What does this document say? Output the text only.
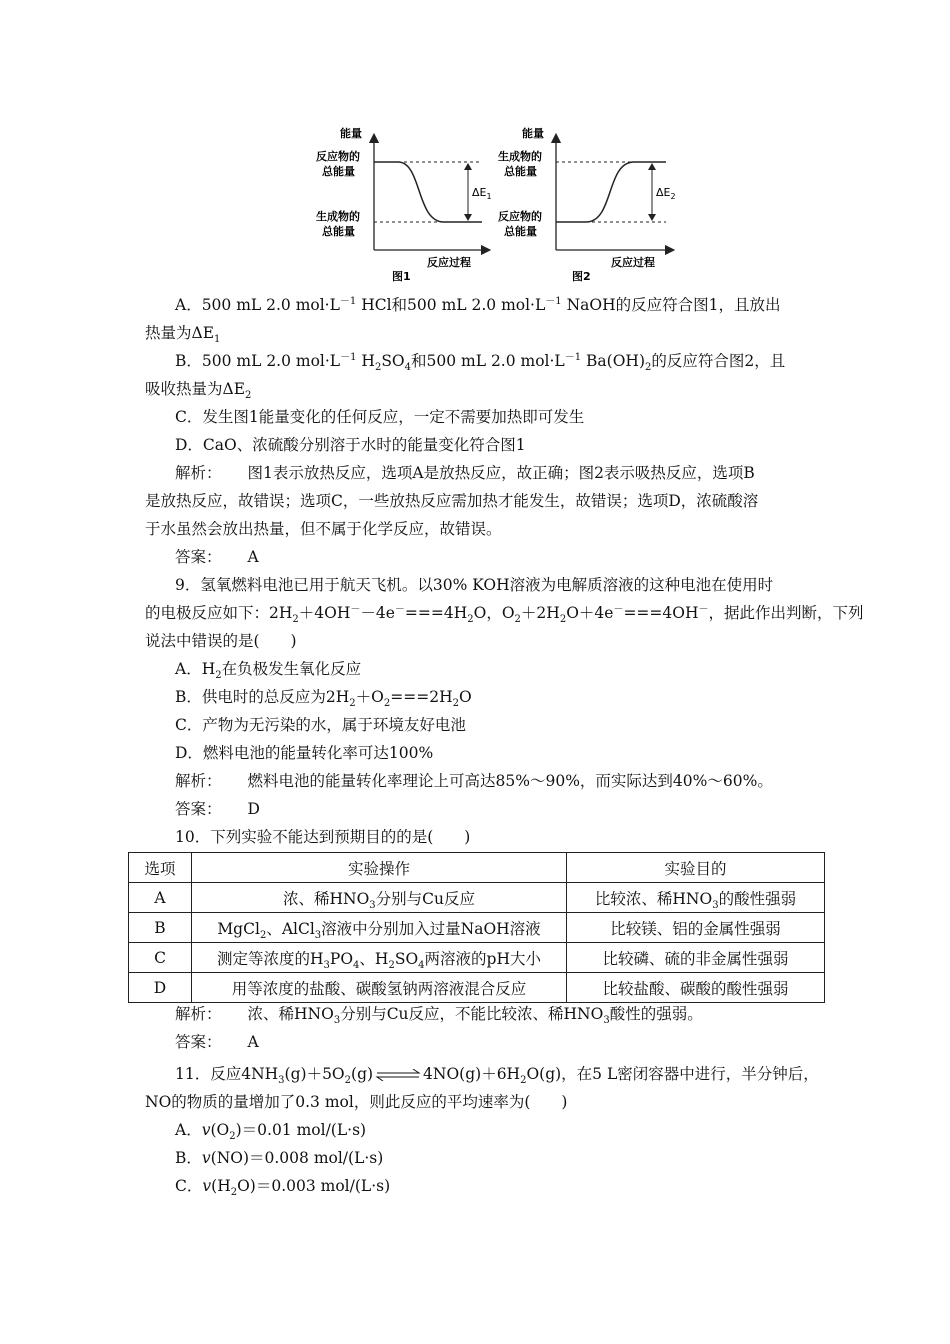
能量
反应物的
总能量
生成物的
总能量
$\Delta E_1$
反应过程
图1
能量
生成物的
总能量
反应物的
总能量
$\Delta E_2$
反应过程
图2
A．500 mL 2.0 $mol\cdot L^{-1}$ HCl和500 mL 2.0 $mol\cdot L^{-1}$ NaOH的反应符合图1，且放出
热量为$\Delta E_1$
B．500 mL 2.0 $mol\cdot L^{-1}$ $H_2SO_4$和500 mL 2.0 $mol\cdot L^{-1}$ $Ba(OH)_2$的反应符合图2，且
吸收热量为$\Delta E_2$
C．发生图1能量变化的任何反应，一定不需要加热即可发生
D．CaO、浓硫酸分别溶于水时的能量变化符合图1
解析： 图1表示放热反应，选项A是放热反应，故正确；图2表示吸热反应，选项B
是放热反应，故错误；选项C，一些放热反应需加热才能发生，故错误；选项D，浓硫酸溶
于水虽然会放出热量，但不属于化学反应，故错误。
答案： A
9．氢氧燃料电池已用于航天飞机。以30% KOH溶液为电解质溶液的这种电池在使用时
的电极反应如下：$2H_2+4OH^--4e^-===4H_2O$，$O_2+2H_2O+4e^-===4OH^-$，据此作出判断，下列
说法中错误的是(　　)
A．$H_2$在负极发生氧化反应
B．供电时的总反应为$2H_2+O_2===2H_2O$
C．产物为无污染的水，属于环境友好电池
D．燃料电池的能量转化率可达100%
解析： 燃料电池的能量转化率理论上可高达85%～90%，而实际达到40%～60%。
答案： D
10．下列实验不能达到预期目的的是(　　)
选项	实验操作	实验目的
A	浓、稀$HNO_3$分别与Cu反应	比较浓、稀$HNO_3$的酸性强弱
B	MgCl$_2$、AlCl$_3$溶液中分别加入过量NaOH溶液	比较镁、铝的金属性强弱
C	测定等浓度的$H_3PO_4$、$H_2SO_4$两溶液的pH大小	比较磷、硫的非金属性强弱
D	用等浓度的盐酸、碳酸氢钠两溶液混合反应	比较盐酸、碳酸的酸性强弱
解析： 浓、稀$HNO_3$分别与Cu反应，不能比较浓、稀$HNO_3$酸性的强弱。
答案： A
11．反应$4NH_3(g)+5O_2(g)$ ⇌ $4NO(g)+6H_2O(g)$，在5 L密闭容器中进行，半分钟后，
NO的物质的量增加了0.3 mol，则此反应的平均速率为(　　)
A．$v(O_2)=0.01$ mol/(L·s)
B．v(NO)＝0.008 mol/(L·s)
C．$v(H_2O)=0.003$ mol/(L·s)
